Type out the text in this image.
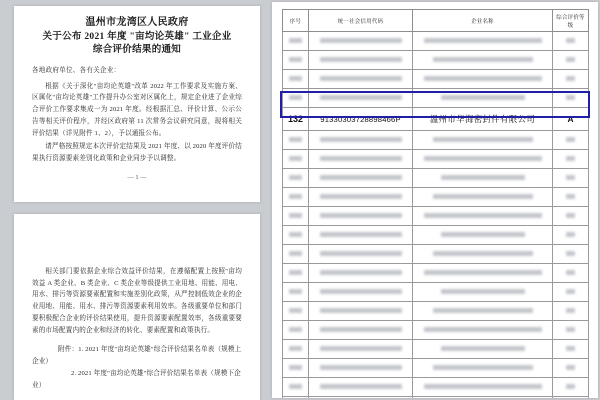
温州市龙湾区人民政府
关于公布 2021 年度 "亩均论英雄" 工业企业
综合评价结果的通知
各地政府单位、各有关企业：
根据《关于深化"亩均论英雄"改革 2022 年工作要求及实施方案、区属化"亩均论英雄"工作提升办公室对区属化上，规定企业进了企业综合评价工作要求集成一为 2021 年度。经根据汇总、评价计算、公示公告等相关评价程序，并经区政府第 11 次常务会议研究同意，现将相关评价结果（详见附件 1、2），予以通报公布。
请严格按照规定本次评价定结果及 2021 年度、以 2020 年度评价结果执行资源要素差别化政策和企业同步予以调整。
— 1 —
相关部门要依据企业综合效益评价结果，在遵循配置上按照"亩均效益 A 类企业、B 类企业、C 类企业等级提供工业用地、用能、用电、用水、排污等资源要素配置和实施差别化政策，从严控制低效企业的企业用地、用能、用水、排污等资源要素利用效率。各级重要单位和部门要积极配合企业的评价结果使用，提升资源要素配置效率，各级重要要素的市场配置内的企业和经济的转化、要素配置和政策执行。
附件：1. 2021 年度"亩均论英雄"综合评价结果名单表（规模上企业）
2. 2021 年度"亩均论英雄"综合评价结果名单表（规模下企业）
序号	统一社会信用代码	企业名称	综合评价等级

132	91330303728898466P	温州市华海密封件有限公司	A
